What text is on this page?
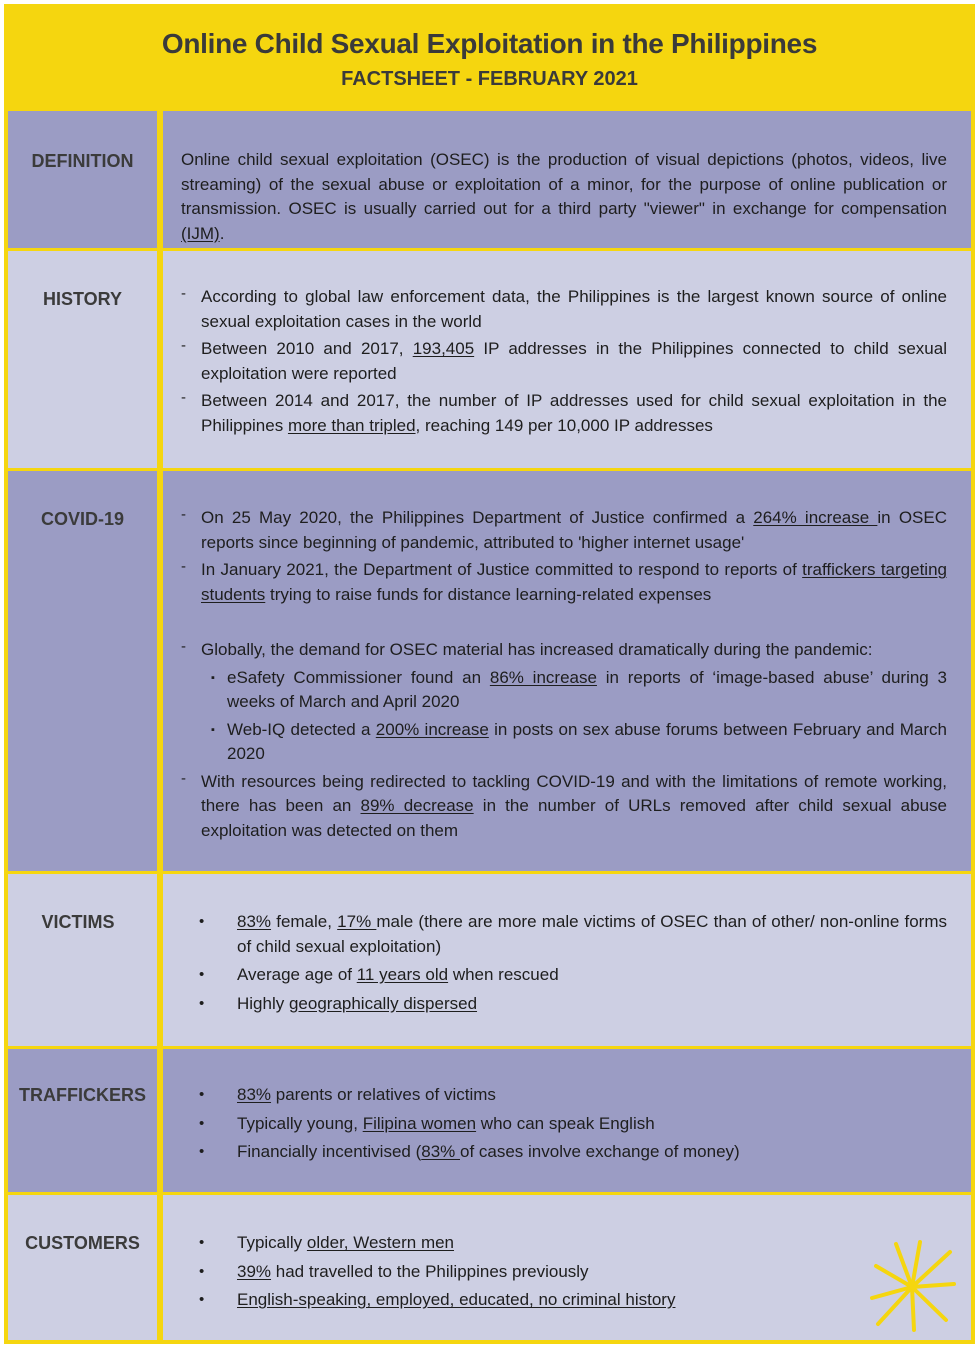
Online Child Sexual Exploitation in the Philippines
FACTSHEET - FEBRUARY 2021
DEFINITION	Online child sexual exploitation (OSEC) is the production of visual depictions (photos, videos, live streaming) of the sexual abuse or exploitation of a minor, for the purpose of online publication or transmission. OSEC is usually carried out for a third party "viewer" in exchange for compensation (IJM).
HISTORY	- According to global law enforcement data, the Philippines is the largest known source of online sexual exploitation cases in the world
- Between 2010 and 2017, 193,405 IP addresses in the Philippines connected to child sexual exploitation were reported
- Between 2014 and 2017, the number of IP addresses used for child sexual exploitation in the Philippines more than tripled, reaching 149 per 10,000 IP addresses
COVID-19	- On 25 May 2020, the Philippines Department of Justice confirmed a 264% increase in OSEC reports since beginning of pandemic, attributed to 'higher internet usage'
- In January 2021, the Department of Justice committed to respond to reports of traffickers targeting students trying to raise funds for distance learning-related expenses
- Globally, the demand for OSEC material has increased dramatically during the pandemic:
▪ eSafety Commissioner found an 86% increase in reports of ‘image-based abuse’ during 3 weeks of March and April 2020
▪ Web-IQ detected a 200% increase in posts on sex abuse forums between February and March 2020
- With resources being redirected to tackling COVID-19 and with the limitations of remote working, there has been an 89% decrease in the number of URLs removed after child sexual abuse exploitation was detected on them
VICTIMS	• 83% female, 17% male (there are more male victims of OSEC than of other/ non-online forms of child sexual exploitation)
• Average age of 11 years old when rescued
• Highly geographically dispersed
TRAFFICKERS	• 83% parents or relatives of victims
• Typically young, Filipina women who can speak English
• Financially incentivised (83% of cases involve exchange of money)
CUSTOMERS	• Typically older, Western men
• 39% had travelled to the Philippines previously
• English-speaking, employed, educated, no criminal history
